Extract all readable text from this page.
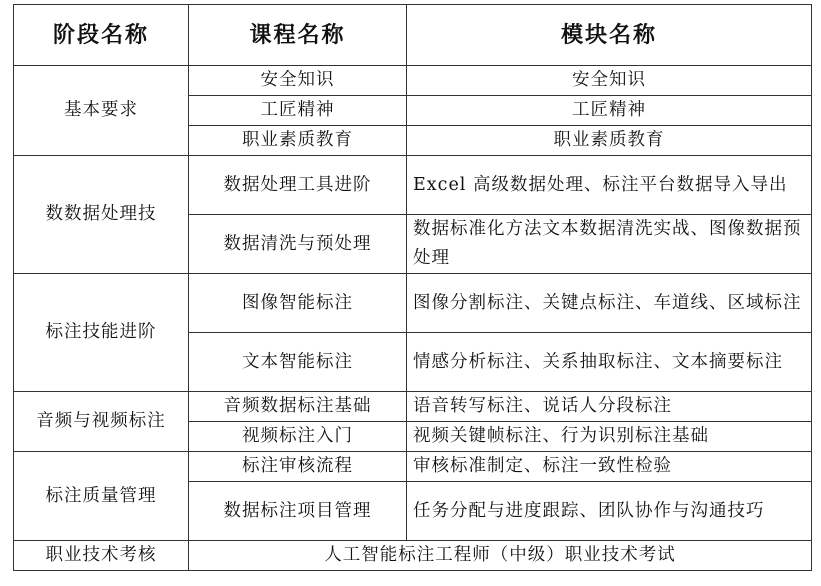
阶段名称	课程名称	模块名称
基本要求	安全知识	安全知识
	工匠精神	工匠精神
	职业素质教育	职业素质教育
数数据处理技	数据处理工具进阶	Excel 高级数据处理、标注平台数据导入导出
	数据清洗与预处理	数据标准化方法文本数据清洗实战、图像数据预处理
标注技能进阶	图像智能标注	图像分割标注、关键点标注、车道线、区域标注
	文本智能标注	情感分析标注、关系抽取标注、文本摘要标注
音频与视频标注	音频数据标注基础	语音转写标注、说话人分段标注
	视频标注入门	视频关键帧标注、行为识别标注基础
标注质量管理	标注审核流程	审核标准制定、标注一致性检验
	数据标注项目管理	任务分配与进度跟踪、团队协作与沟通技巧
职业技术考核	人工智能标注工程师（中级）职业技术考试	
